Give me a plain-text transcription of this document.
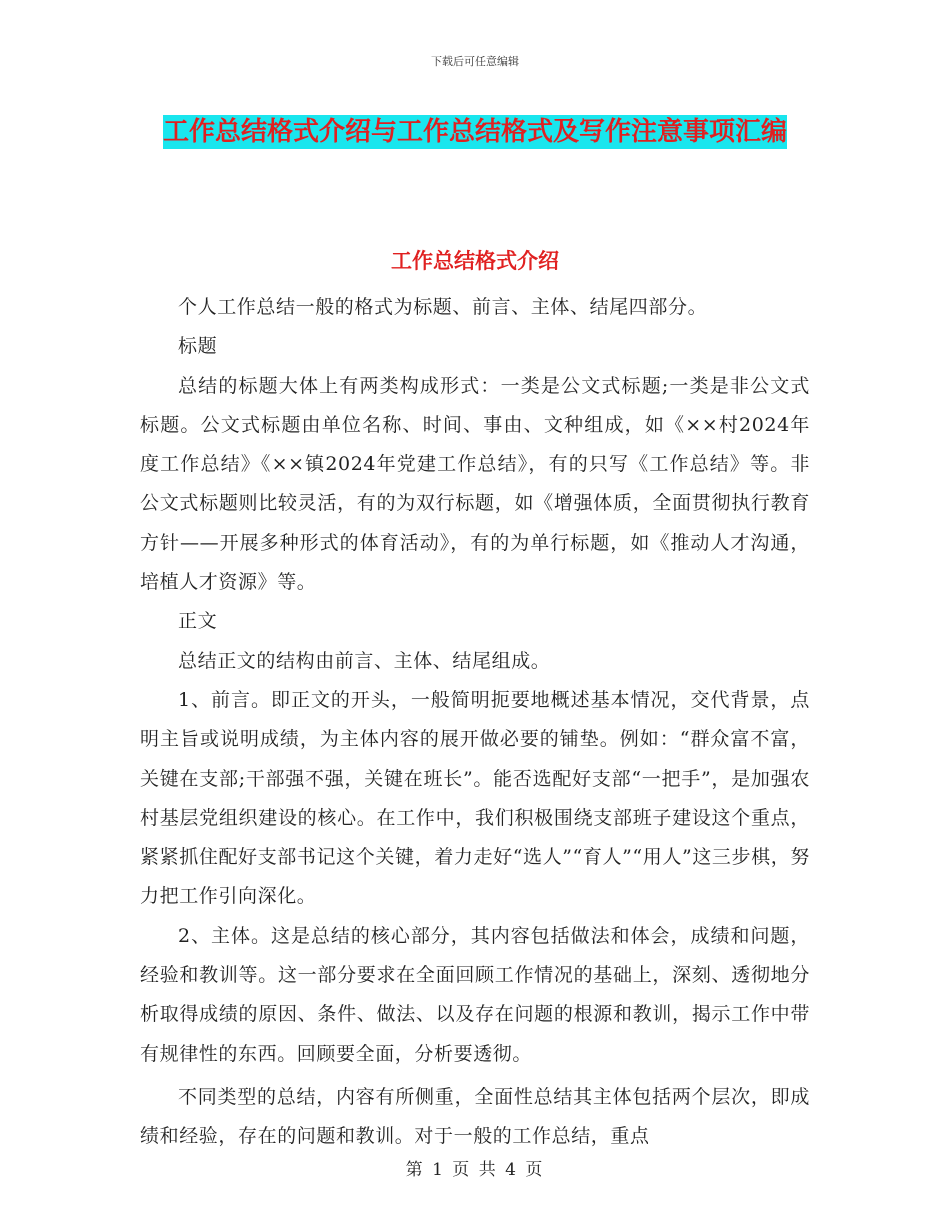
下载后可任意编辑
工作总结格式介绍与工作总结格式及写作注意事项汇编
工作总结格式介绍

个人工作总结一般的格式为标题、前言、主体、结尾四部分。

标题

总结的标题大体上有两类构成形式：一类是公文式标题;一类是非公文式标题。公文式标题由单位名称、时间、事由、文种组成，如《××村2024年度工作总结》《××镇2024年党建工作总结》，有的只写《工作总结》等。非公文式标题则比较灵活，有的为双行标题，如《增强体质，全面贯彻执行教育方针——开展多种形式的体育活动》，有的为单行标题，如《推动人才沟通，培植人才资源》等。

正文

总结正文的结构由前言、主体、结尾组成。

1、前言。即正文的开头，一般简明扼要地概述基本情况，交代背景，点明主旨或说明成绩，为主体内容的展开做必要的铺垫。例如：“群众富不富，关键在支部;干部强不强，关键在班长”。能否选配好支部“一把手”，是加强农村基层党组织建设的核心。在工作中，我们积极围绕支部班子建设这个重点，紧紧抓住配好支部书记这个关键，着力走好“选人”“育人”“用人”这三步棋，努力把工作引向深化。

2、主体。这是总结的核心部分，其内容包括做法和体会，成绩和问题，经验和教训等。这一部分要求在全面回顾工作情况的基础上，深刻、透彻地分析取得成绩的原因、条件、做法、以及存在问题的根源和教训，揭示工作中带有规律性的东西。回顾要全面，分析要透彻。

不同类型的总结，内容有所侧重，全面性总结其主体包括两个层次，即成绩和经验，存在的问题和教训。对于一般的工作总结，重点

第 1 页 共 4 页
